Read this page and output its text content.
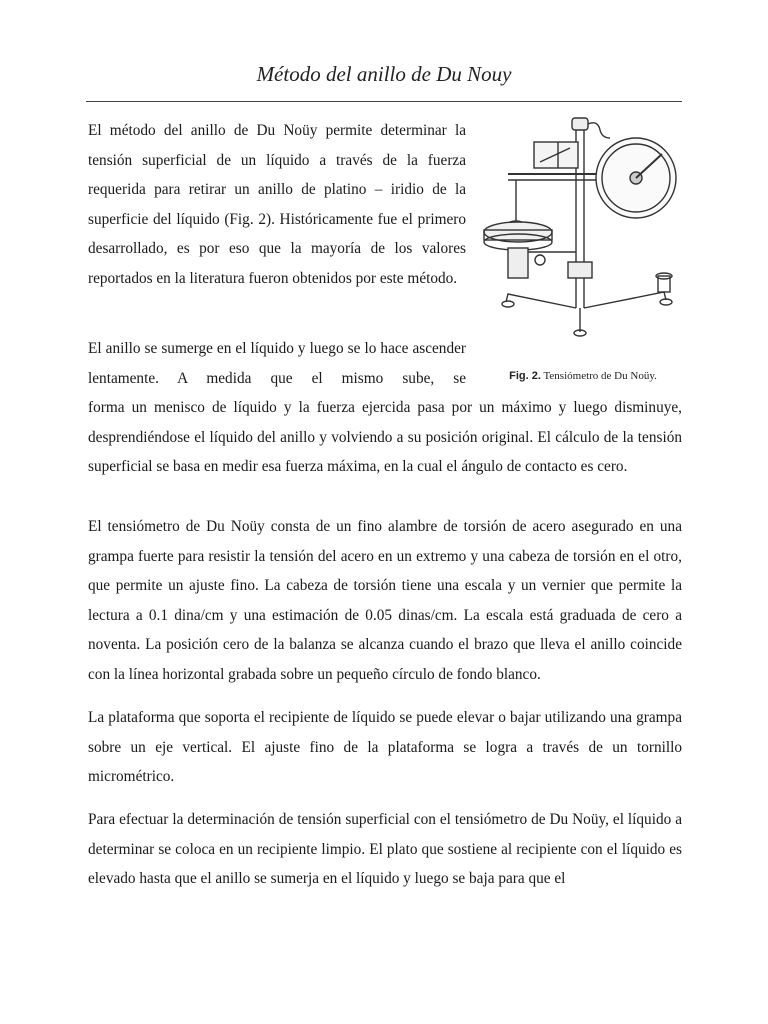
Método del anillo de Du Nouy

El método del anillo de Du Noüy permite determinar la tensión superficial de un líquido a través de la fuerza requerida para retirar un anillo de platino – iridio de la superficie del líquido (Fig. 2). Históricamente fue el primero desarrollado, es por eso que la mayoría de los valores reportados en la literatura fueron obtenidos por este método.

Fig. 2. Tensiómetro de Du Noüy.

El anillo se sumerge en el líquido y luego se lo hace ascender lentamente. A medida que el mismo sube, se

forma un menisco de líquido y la fuerza ejercida pasa por un máximo y luego disminuye, desprendiéndose el líquido del anillo y volviendo a su posición original. El cálculo de la tensión superficial se basa en medir esa fuerza máxima, en la cual el ángulo de contacto es cero.

El tensiómetro de Du Noüy consta de un fino alambre de torsión de acero asegurado en una grampa fuerte para resistir la tensión del acero en un extremo y una cabeza de torsión en el otro, que permite un ajuste fino. La cabeza de torsión tiene una escala y un vernier que permite la lectura a 0.1 dina/cm y una estimación de 0.05 dinas/cm. La escala está graduada de cero a noventa. La posición cero de la balanza se alcanza cuando el brazo que lleva el anillo coincide con la línea horizontal grabada sobre un pequeño círculo de fondo blanco.

La plataforma que soporta el recipiente de líquido se puede elevar o bajar utilizando una grampa sobre un eje vertical. El ajuste fino de la plataforma se logra a través de un tornillo micrométrico.

Para efectuar la determinación de tensión superficial con el tensiómetro de Du Noüy, el líquido a determinar se coloca en un recipiente limpio. El plato que sostiene al recipiente con el líquido es elevado hasta que el anillo se sumerja en el líquido y luego se baja para que el
